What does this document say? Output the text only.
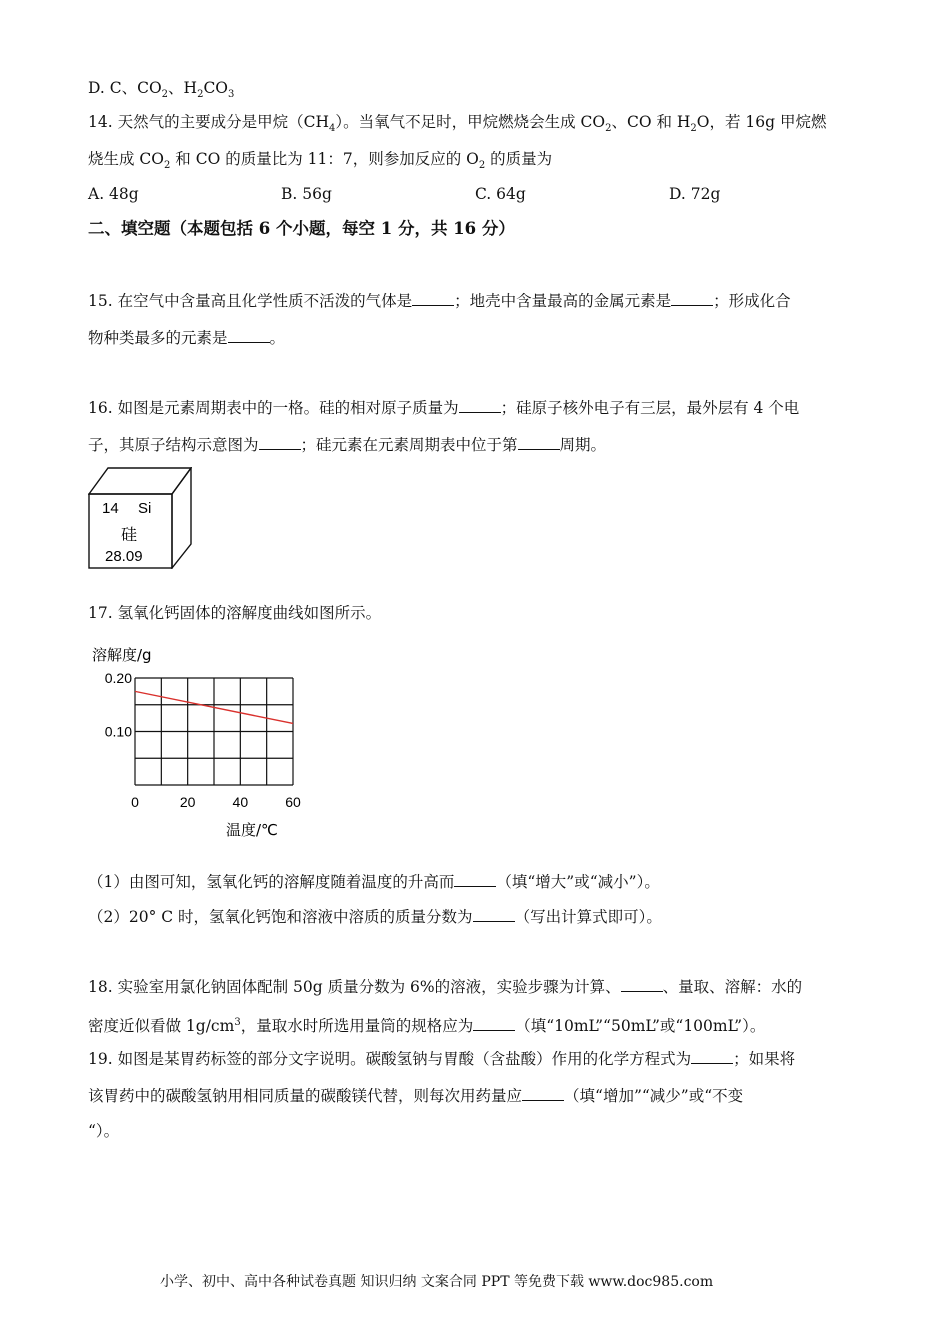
D. C、$CO_2$、$H_2CO_3$
14. 天然气的主要成分是甲烷$(CH_4)$。当氧气不足时，甲烷燃烧会生成 $CO_2$、CO 和 $H_2O$，若 16g 甲烷燃
烧生成 $CO_2$ 和 CO 的质量比为 11：7，则参加反应的 $O_2$ 的质量为
A. 48g	B. 56g	C. 64g	D. 72g
二、填空题（本题包括 6 个小题，每空 1 分，共 16 分）
15. 在空气中含量高且化学性质不活泼的气体是	；地壳中含量最高的金属元素是	；形成化合
物种类最多的元素是	。
16. 如图是元素周期表中的一格。硅的相对原子质量为	；硅原子核外电子有三层，最外层有 4 个电
子，其原子结构示意图为	；硅元素在元素周期表中位于第	周期。
14 Si
硅
28.09
17. 氢氧化钙固体的溶解度曲线如图所示。
溶解度/g
0	20	40	60
0.20
0.10
温度/℃
（1）由图可知，氢氧化钙的溶解度随着温度的升高而	（填“增大”或“减小”）。
（2）20° C 时，氢氧化钙饱和溶液中溶质的质量分数为	（写出计算式即可）。
18. 实验室用氯化钠固体配制 50g 质量分数为 6%的溶液，实验步骤为计算、	、量取、溶解：水的
密度近似看做 $1g/cm^3$，量取水时所选用量筒的规格应为	（填“10mL”“50mL”或“100mL”）。
19. 如图是某胃药标签的部分文字说明。碳酸氢钠与胃酸（含盐酸）作用的化学方程式为	；如果将
该胃药中的碳酸氢钠用相同质量的碳酸镁代替，则每次用药量应	（填“增加”“减少”或“不变
“）。
小学、初中、高中各种试卷真题 知识归纳 文案合同 PPT 等免费下载 www.doc985.com
